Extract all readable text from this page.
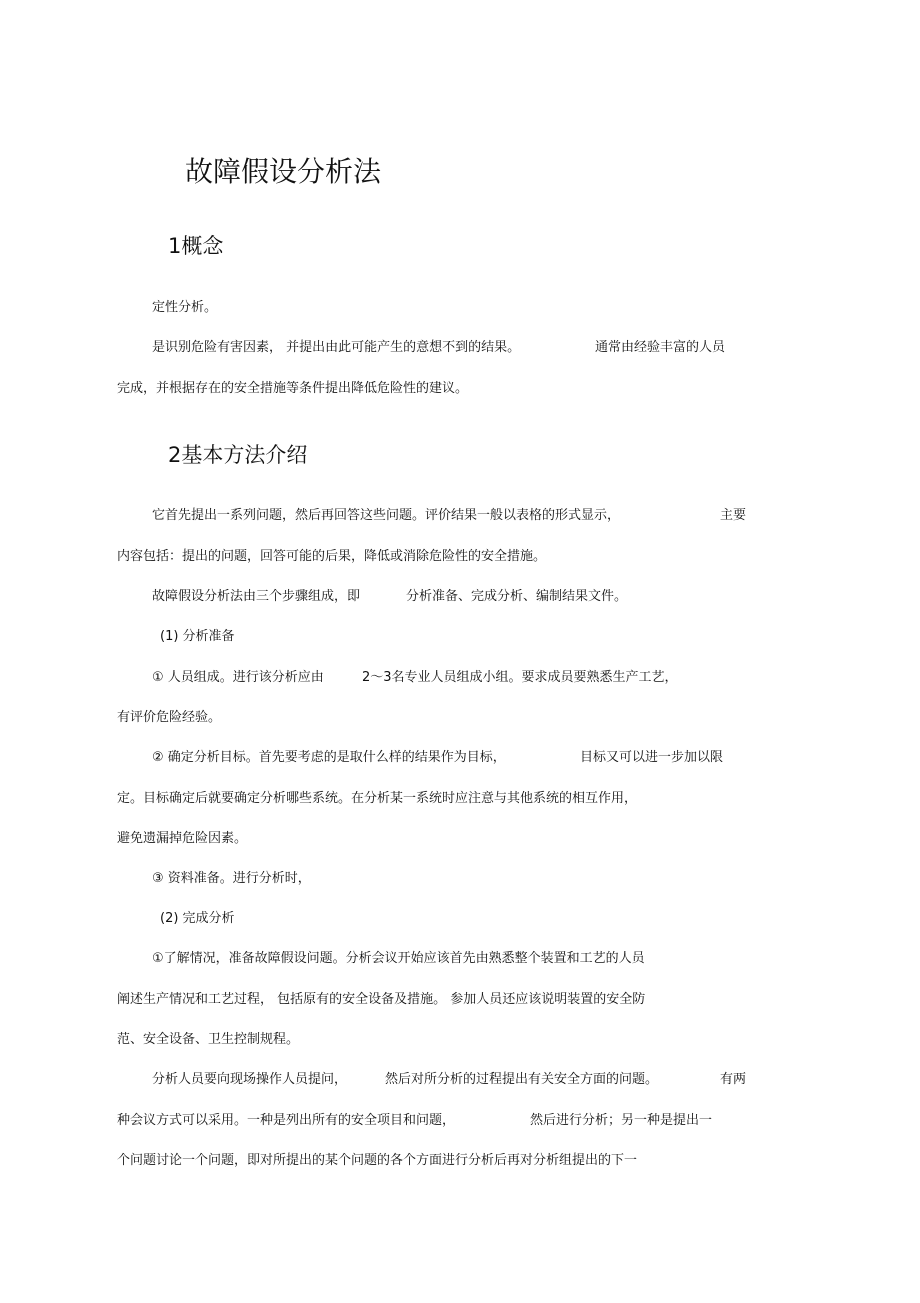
故障假设分析法
1概念
2基本方法介绍
定性分析。
是识别危险有害因素， 并提出由此可能产生的意想不到的结果。	通常由经验丰富的人员
完成，并根据存在的安全措施等条件提出降低危险性的建议。
它首先提出一系列问题，然后再回答这些问题。评价结果一般以表格的形式显示，	主要
内容包括：提出的问题，回答可能的后果，降低或消除危险性的安全措施。
故障假设分析法由三个步骤组成，即	分析准备、完成分析、编制结果文件。
(1) 分析准备
① 人员组成。进行该分析应由	2～3名专业人员组成小组。要求成员要熟悉生产工艺，
有评价危险经验。
② 确定分析目标。首先要考虑的是取什么样的结果作为目标，	目标又可以进一步加以限
定。目标确定后就要确定分析哪些系统。在分析某一系统时应注意与其他系统的相互作用，
避免遗漏掉危险因素。
③ 资料准备。进行分析时，
(2) 完成分析
①了解情况，准备故障假设问题。分析会议开始应该首先由熟悉整个装置和工艺的人员
阐述生产情况和工艺过程， 包括原有的安全设备及措施。 参加人员还应该说明装置的安全防
范、安全设备、卫生控制规程。
分析人员要向现场操作人员提问，	然后对所分析的过程提出有关安全方面的问题。	有两
种会议方式可以采用。一种是列出所有的安全项目和问题，	然后进行分析；另一种是提出一
个问题讨论一个问题，即对所提出的某个问题的各个方面进行分析后再对分析组提出的下一
